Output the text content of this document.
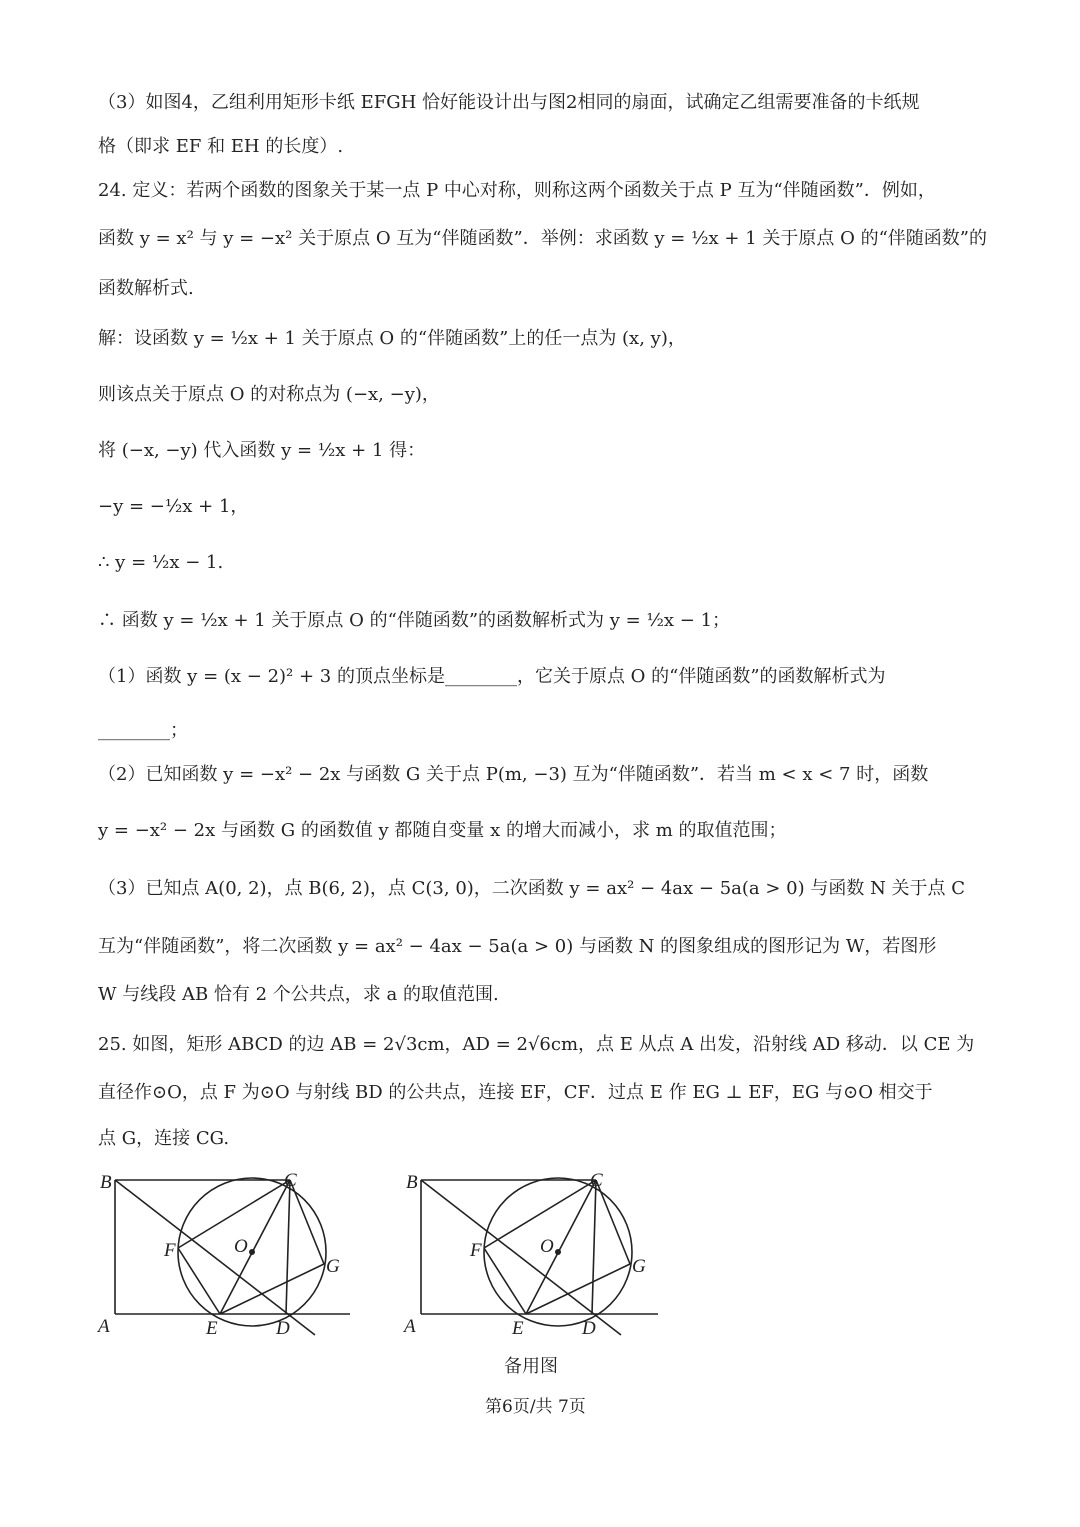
（3）如图4，乙组利用矩形卡纸 EFGH 恰好能设计出与图2相同的扇面，试确定乙组需要准备的卡纸规
格（即求 EF 和 EH 的长度）.
24. 定义：若两个函数的图象关于某一点 P 中心对称，则称这两个函数关于点 P 互为“伴随函数”．例如，
函数 y = x² 与 y = −x² 关于原点 O 互为“伴随函数”．举例：求函数 y = ½x + 1 关于原点 O 的“伴随函数”的
函数解析式.
解：设函数 y = ½x + 1 关于原点 O 的“伴随函数”上的任一点为 (x, y)，
则该点关于原点 O 的对称点为 (−x, −y)，
将 (−x, −y) 代入函数 y = ½x + 1 得：
−y = −½x + 1，
∴ y = ½x − 1.
∴ 函数 y = ½x + 1 关于原点 O 的“伴随函数”的函数解析式为 y = ½x − 1；
（1）函数 y = (x − 2)² + 3 的顶点坐标是________，它关于原点 O 的“伴随函数”的函数解析式为
________；
（2）已知函数 y = −x² − 2x 与函数 G 关于点 P(m, −3) 互为“伴随函数”．若当 m < x < 7 时，函数
y = −x² − 2x 与函数 G 的函数值 y 都随自变量 x 的增大而减小，求 m 的取值范围；
（3）已知点 A(0, 2)，点 B(6, 2)，点 C(3, 0)，二次函数 y = ax² − 4ax − 5a(a > 0) 与函数 N 关于点 C
互为“伴随函数”，将二次函数 y = ax² − 4ax − 5a(a > 0) 与函数 N 的图象组成的图形记为 W，若图形
W 与线段 AB 恰有 2 个公共点，求 a 的取值范围.
25. 如图，矩形 ABCD 的边 AB = 2√3cm，AD = 2√6cm，点 E 从点 A 出发，沿射线 AD 移动．以 CE 为
直径作⊙O，点 F 为⊙O 与射线 BD 的公共点，连接 EF，CF．过点 E 作 EG ⊥ EF，EG 与⊙O 相交于
点 G，连接 CG.
B	C
F	O
G
A	E	D
B	C
F	O
G
A	E	D
备用图
第6页/共 7页
